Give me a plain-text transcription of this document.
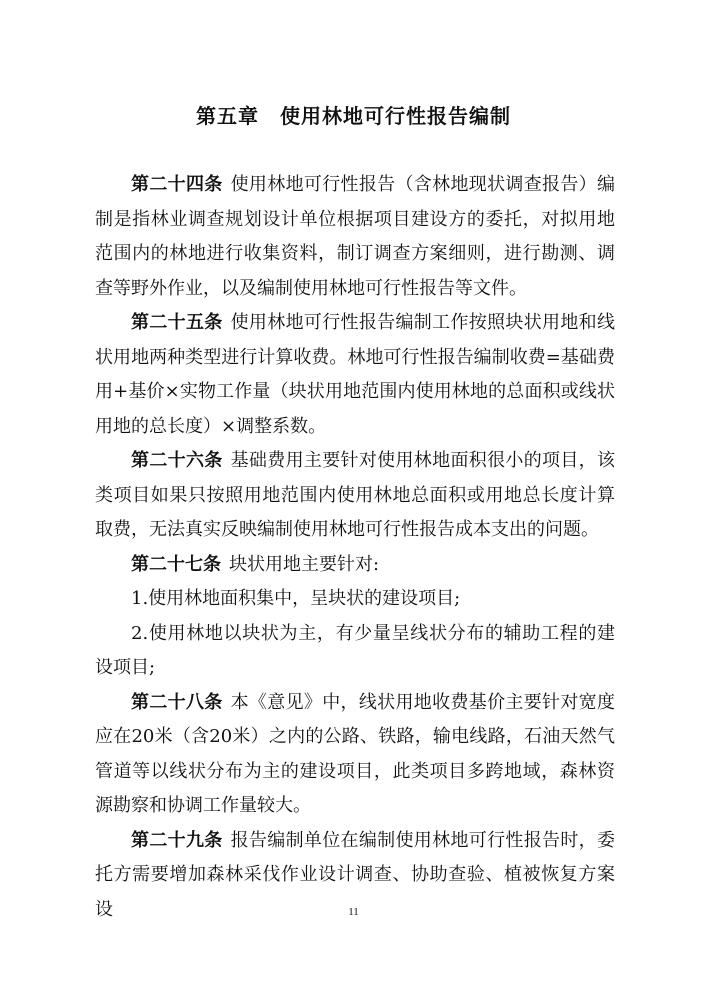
第五章　使用林地可行性报告编制

第二十四条 使用林地可行性报告（含林地现状调查报告）编制是指林业调查规划设计单位根据项目建设方的委托，对拟用地范围内的林地进行收集资料，制订调查方案细则，进行勘测、调查等野外作业，以及编制使用林地可行性报告等文件。

第二十五条 使用林地可行性报告编制工作按照块状用地和线状用地两种类型进行计算收费。林地可行性报告编制收费=基础费用+基价×实物工作量（块状用地范围内使用林地的总面积或线状用地的总长度）×调整系数。

第二十六条 基础费用主要针对使用林地面积很小的项目，该类项目如果只按照用地范围内使用林地总面积或用地总长度计算取费，无法真实反映编制使用林地可行性报告成本支出的问题。

第二十七条 块状用地主要针对:

1.使用林地面积集中，呈块状的建设项目;

2.使用林地以块状为主，有少量呈线状分布的辅助工程的建设项目;

第二十八条 本《意见》中，线状用地收费基价主要针对宽度应在20米（含20米）之内的公路、铁路，输电线路，石油天然气管道等以线状分布为主的建设项目，此类项目多跨地域，森林资源勘察和协调工作量较大。

第二十九条 报告编制单位在编制使用林地可行性报告时，委托方需要增加森林采伐作业设计调查、协助查验、植被恢复方案设	11
